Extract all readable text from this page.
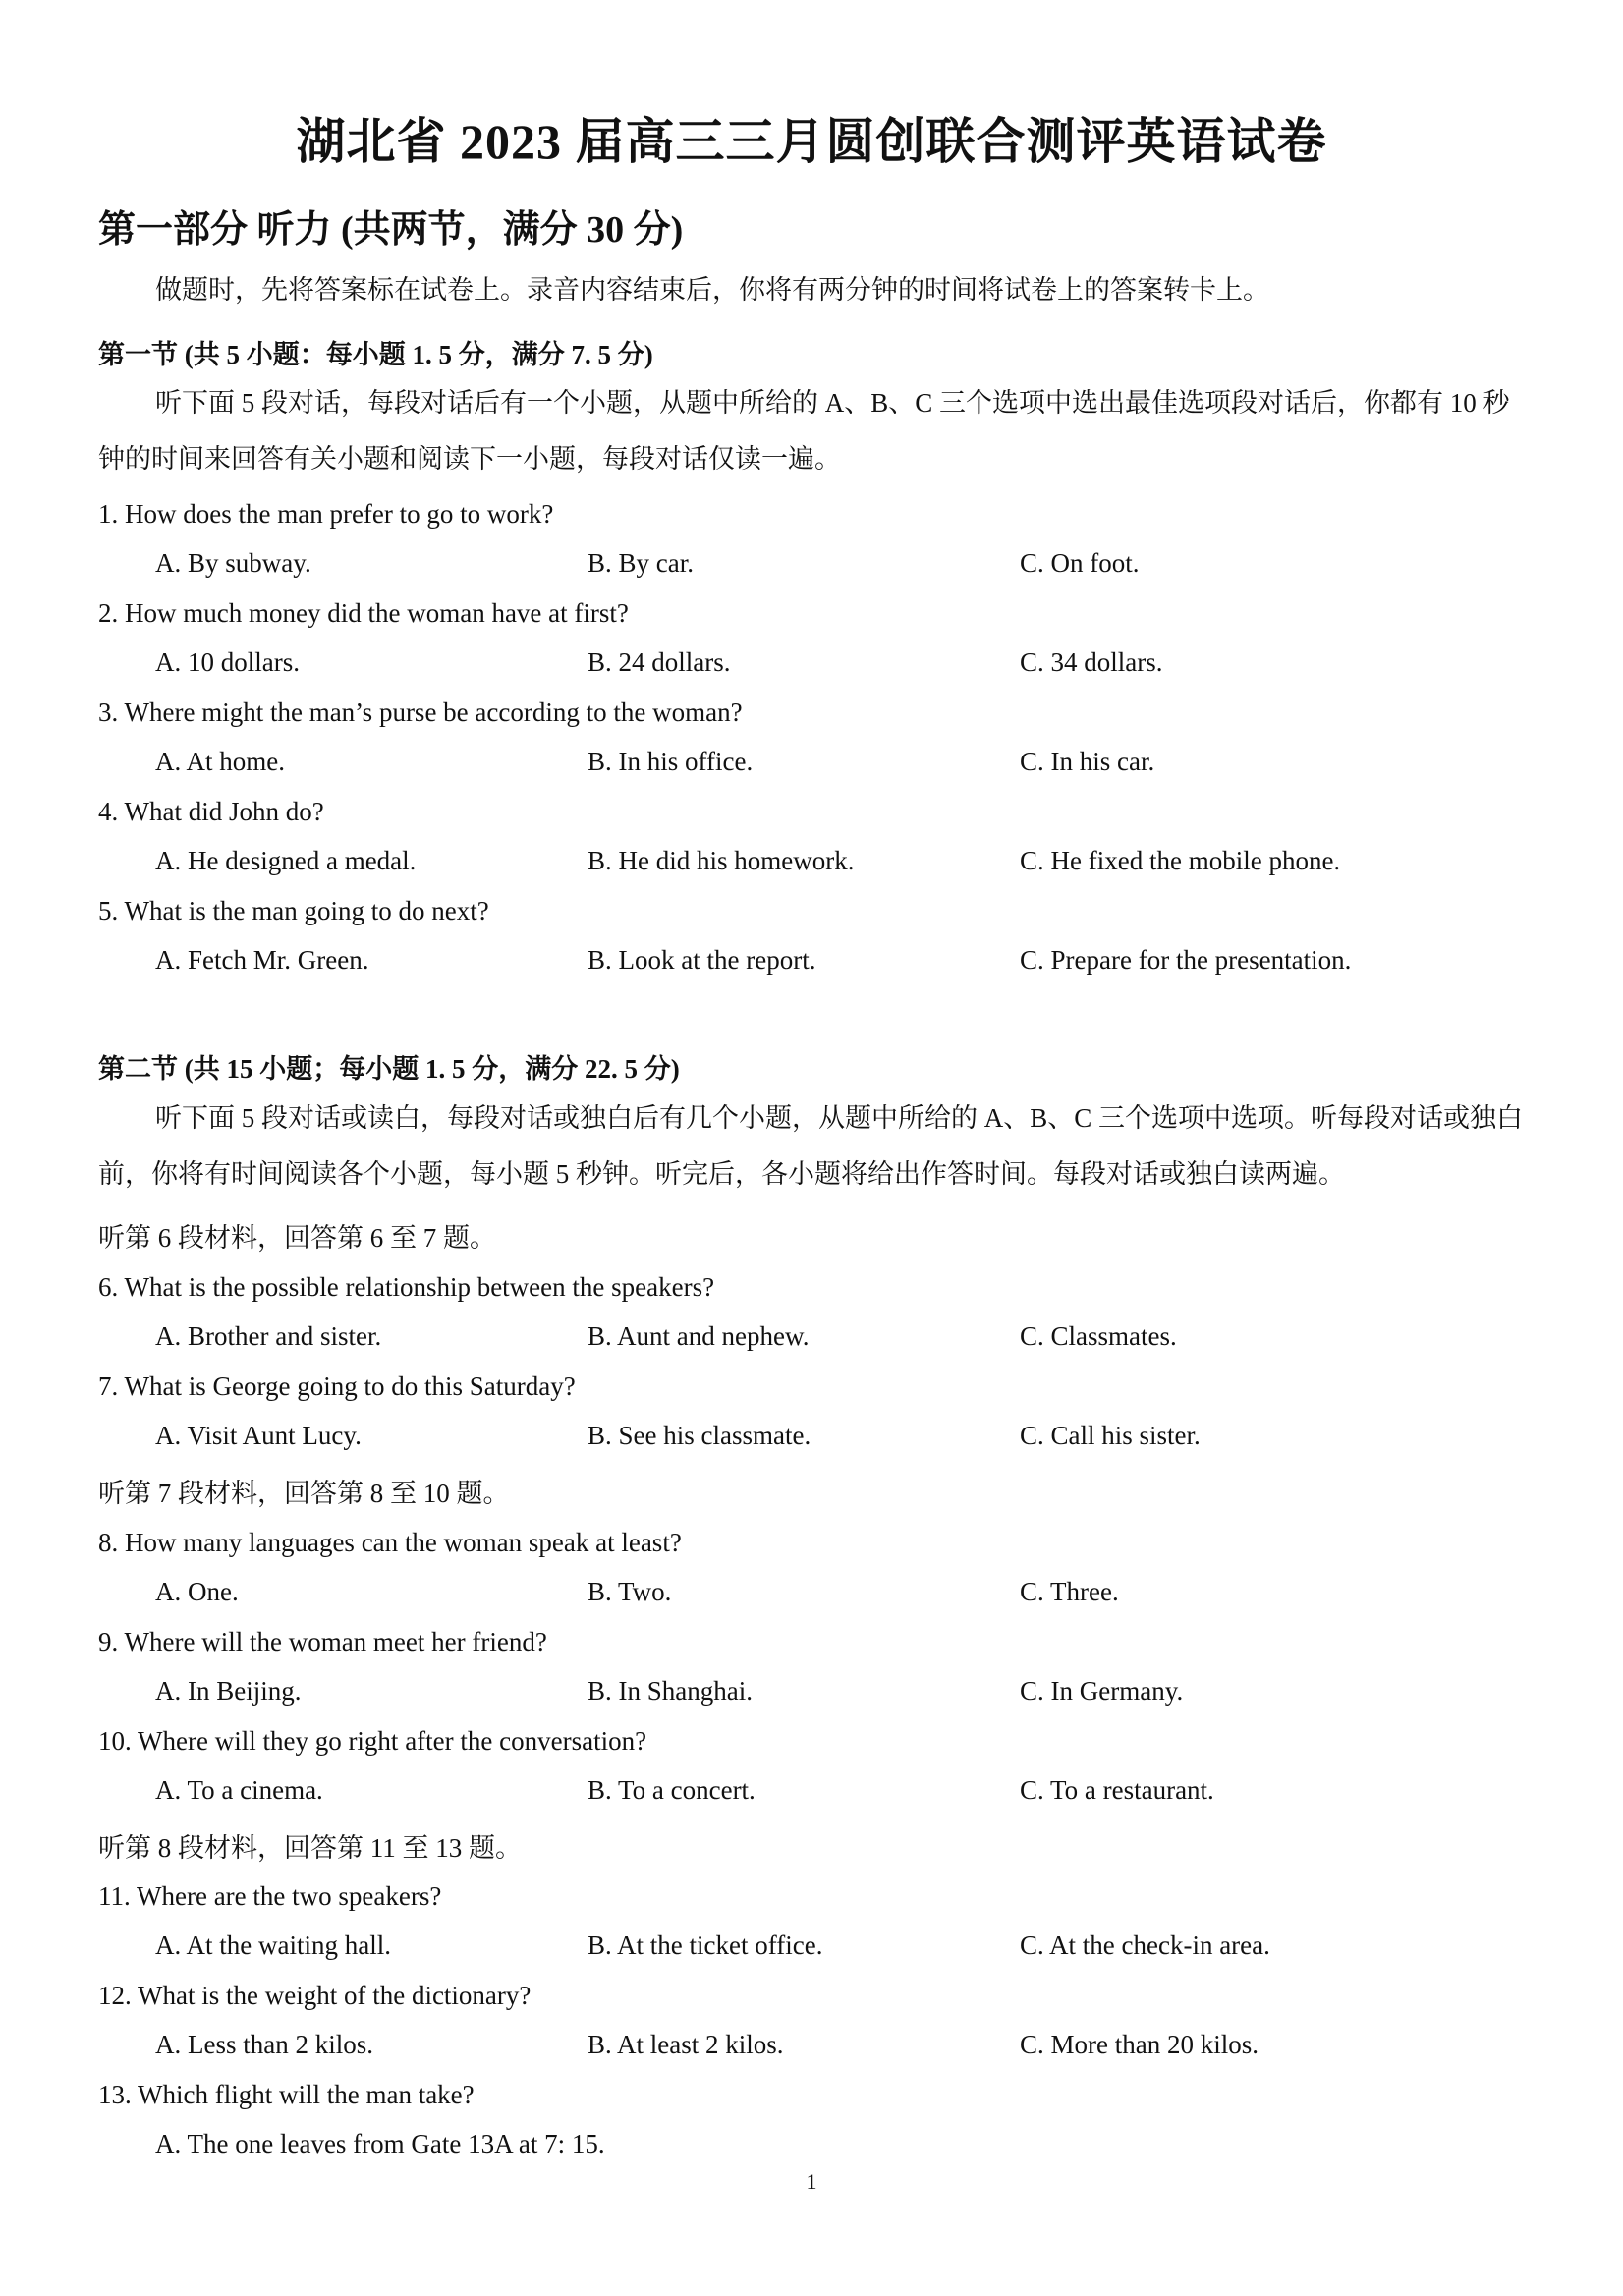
湖北省 2023 届高三三月圆创联合测评英语试卷
第一部分 听力 (共两节，满分 30 分)
做题时，先将答案标在试卷上。录音内容结束后，你将有两分钟的时间将试卷上的答案转卡上。
第一节 (共 5 小题：每小题 1. 5 分，满分 7. 5 分)
听下面 5 段对话，每段对话后有一个小题，从题中所给的 A、B、C 三个选项中选出最佳选项段对话后，你都有 10 秒钟的时间来回答有关小题和阅读下一小题，每段对话仅读一遍。
1. How does the man prefer to go to work?
A. By subway.	B. By car.	C. On foot.
2. How much money did the woman have at first?
A. 10 dollars.	B. 24 dollars.	C. 34 dollars.
3. Where might the man’s purse be according to the woman?
A. At home.	B. In his office.	C. In his car.
4. What did John do?
A. He designed a medal.	B. He did his homework.	C. He fixed the mobile phone.
5. What is the man going to do next?
A. Fetch Mr. Green.	B. Look at the report.	C. Prepare for the presentation.
第二节 (共 15 小题；每小题 1. 5 分，满分 22. 5 分)
听下面 5 段对话或读白，每段对话或独白后有几个小题，从题中所给的 A、B、C 三个选项中选项。听每段对话或独白前，你将有时间阅读各个小题，每小题 5 秒钟。听完后，各小题将给出作答时间。每段对话或独白读两遍。
听第 6 段材料，回答第 6 至 7 题。
6. What is the possible relationship between the speakers?
A. Brother and sister.	B. Aunt and nephew.	C. Classmates.
7. What is George going to do this Saturday?
A. Visit Aunt Lucy.	B. See his classmate.	C. Call his sister.
听第 7 段材料，回答第 8 至 10 题。
8. How many languages can the woman speak at least?
A. One.	B. Two.	C. Three.
9. Where will the woman meet her friend?
A. In Beijing.	B. In Shanghai.	C. In Germany.
10. Where will they go right after the conversation?
A. To a cinema.	B. To a concert.	C. To a restaurant.
听第 8 段材料，回答第 11 至 13 题。
11. Where are the two speakers?
A. At the waiting hall.	B. At the ticket office.	C. At the check-in area.
12. What is the weight of the dictionary?
A. Less than 2 kilos.	B. At least 2 kilos.	C. More than 20 kilos.
13. Which flight will the man take?
A. The one leaves from Gate 13A at 7: 15.
1
